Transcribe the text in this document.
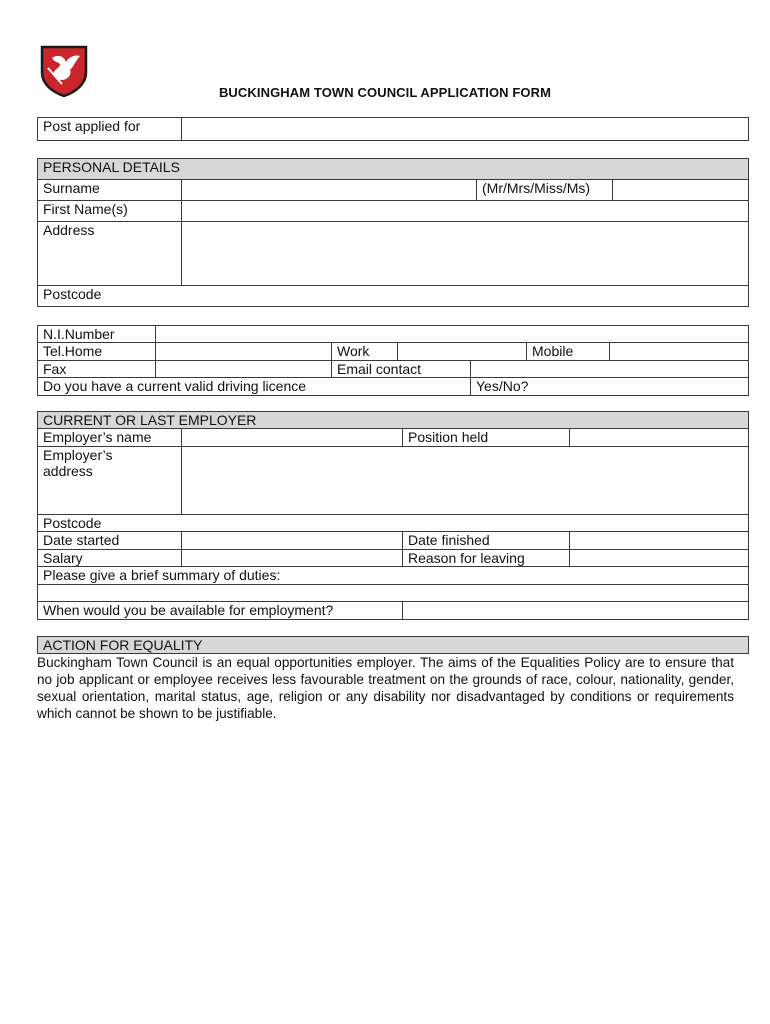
BUCKINGHAM TOWN COUNCIL APPLICATION FORM
Post applied for	
PERSONAL DETAILS			
Surname		(Mr/Mrs/Miss/Ms)	
First Name(s)			
Address			
Postcode			
N.I.Number						
Tel.Home		Work			Mobile	
Fax		Email contact				
Do you have a current valid driving licence				Yes/No?		
CURRENT OR LAST EMPLOYER			
Employer’s name		Position held	
Employer’s
address			
Postcode			
Date started		Date finished	
Salary		Reason for leaving	
Please give a brief summary of duties:			

When would you be available for employment?			
ACTION FOR EQUALITY
Buckingham Town Council is an equal opportunities employer. The aims of the Equalities Policy are to ensure that no job applicant or employee receives less favourable treatment on the grounds of race, colour, nationality, gender, sexual orientation, marital status, age, religion or any disability nor disadvantaged by conditions or requirements which cannot be shown to be justifiable.
